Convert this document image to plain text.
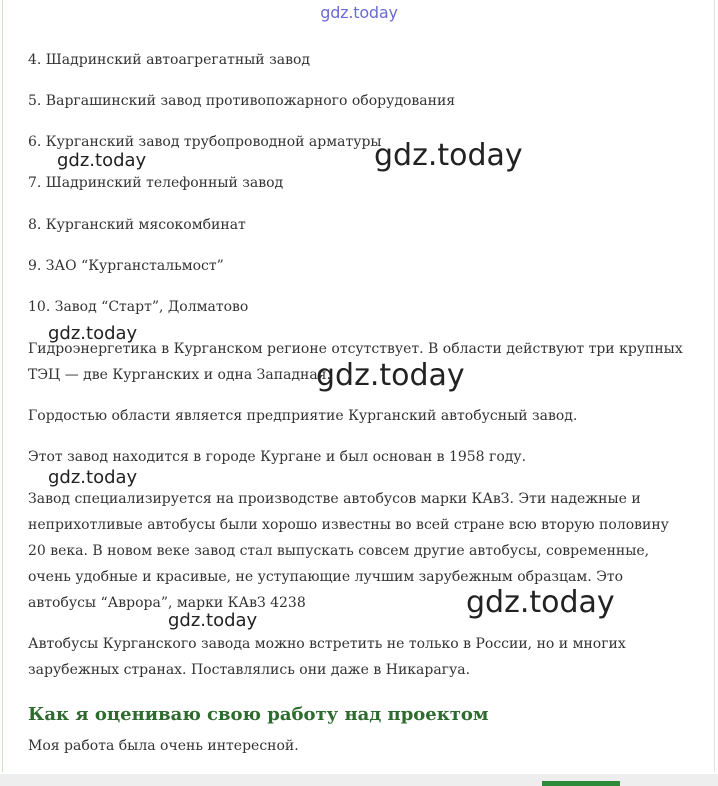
gdz.today

4. Шадринский автоагрегатный завод

5. Варгашинский завод противопожарного оборудования

6. Курганский завод трубопроводной арматуры

7. Шадринский телефонный завод

8. Курганский мясокомбинат

9. ЗАО “Курганстальмост”

10. Завод “Старт”, Долматово

Гидроэнергетика в Курганском регионе отсутствует. В области действуют три крупных ТЭЦ — две Курганских и одна Западная.

Гордостью области является предприятие Курганский автобусный завод.

Этот завод находится в городе Кургане и был основан в 1958 году.

Завод специализируется на производстве автобусов марки КАвЗ. Эти надежные и неприхотливые автобусы были хорошо известны во всей стране всю вторую половину 20 века. В новом веке завод стал выпускать совсем другие автобусы, современные, очень удобные и красивые, не уступающие лучшим зарубежным образцам. Это автобусы “Аврора”, марки КАвЗ 4238

Автобусы Курганского завода можно встретить не только в России, но и многих зарубежных странах. Поставлялись они даже в Никарагуа.

Как я оцениваю свою работу над проектом

Моя работа была очень интересной.

gdz.today	gdz.today
gdz.today
gdz.today
gdz.today
gdz.today
gdz.today
